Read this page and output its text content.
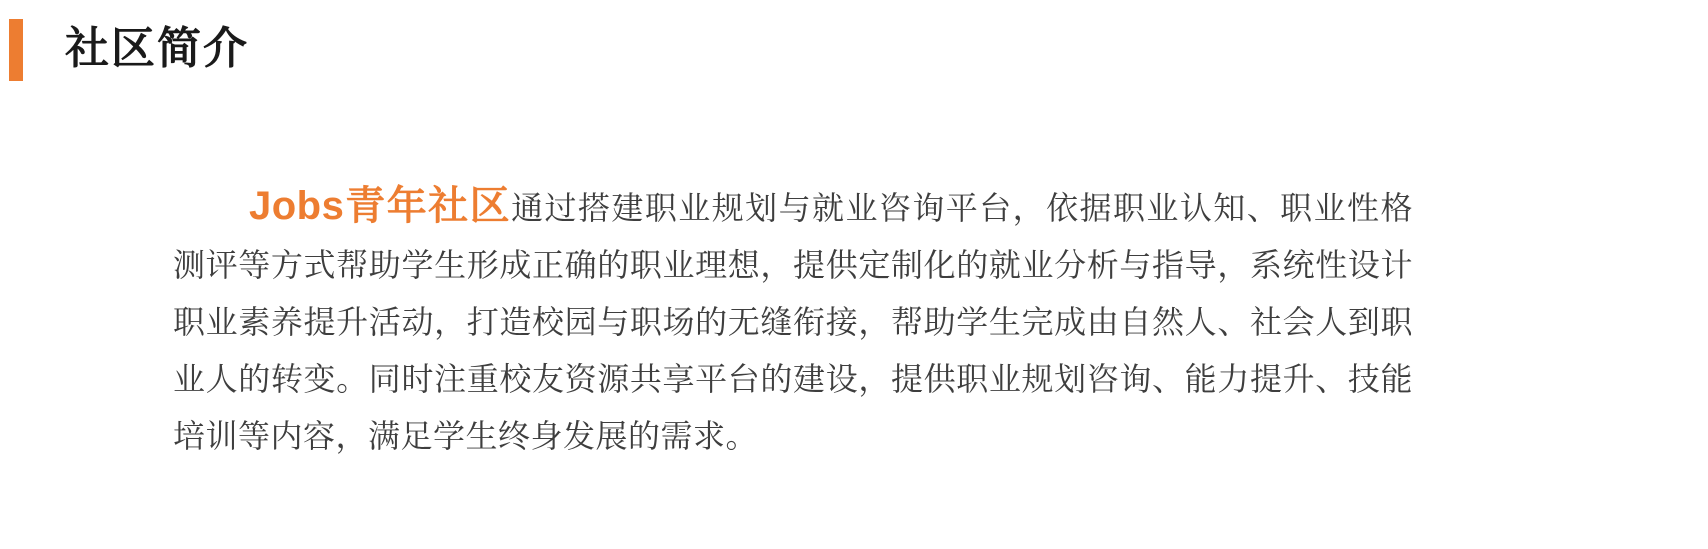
社区简介

Jobs青年社区通过搭建职业规划与就业咨询平台，依据职业认知、职业性格测评等方式帮助学生形成正确的职业理想，提供定制化的就业分析与指导，系统性设计职业素养提升活动，打造校园与职场的无缝衔接，帮助学生完成由自然人、社会人到职业人的转变。同时注重校友资源共享平台的建设，提供职业规划咨询、能力提升、技能培训等内容，满足学生终身发展的需求。
